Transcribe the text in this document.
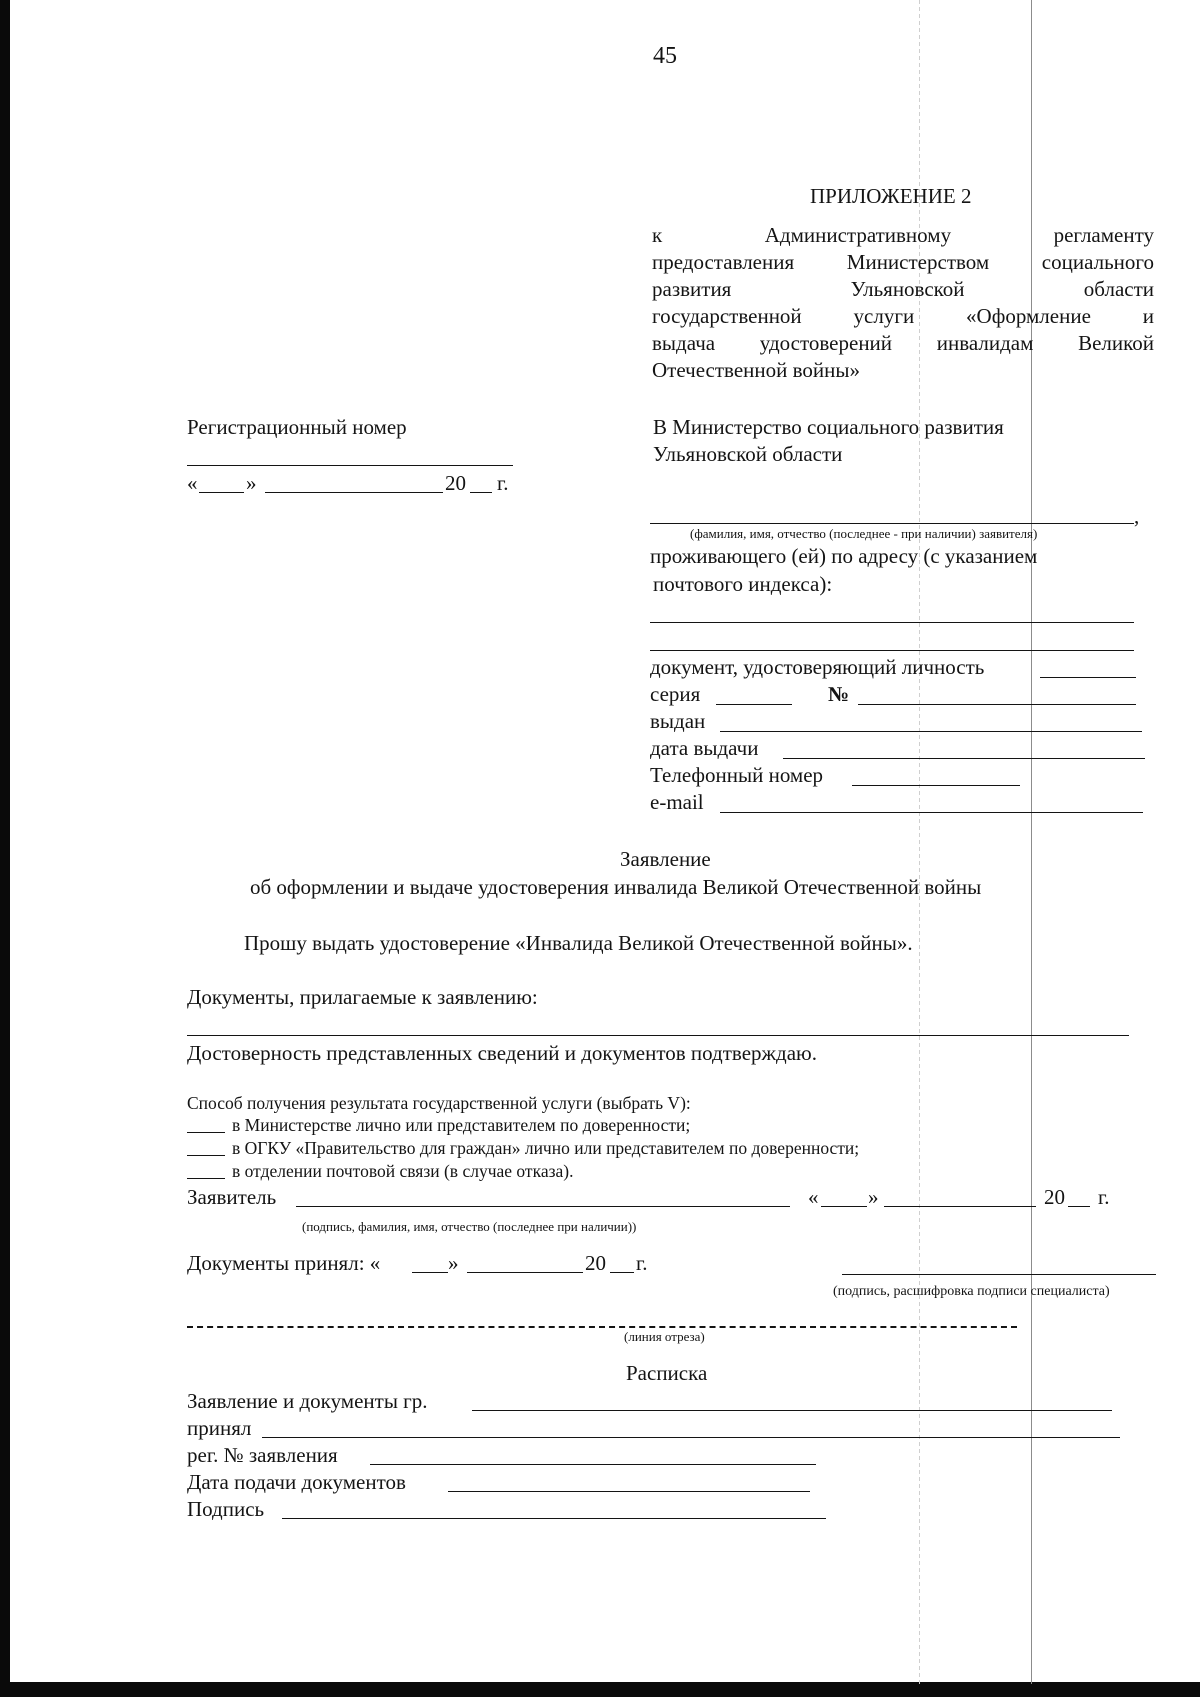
45
ПРИЛОЖЕНИЕ 2
к Административному регламенту
предоставления Министерством социального
развития Ульяновской области
государственной услуги «Оформление и
выдача удостоверений инвалидам Великой
Отечественной войны»
Регистрационный номер
« »	20 г.
В Министерство социального развития
Ульяновской области
,
(фамилия, имя, отчество (последнее - при наличии) заявителя)
проживающего (ей) по адресу (с указанием
почтового индекса):
документ, удостоверяющий личность
серия	№
выдан
дата выдачи
Телефонный номер
e-mail
Заявление
об оформлении и выдаче удостоверения инвалида Великой Отечественной войны
Прошу выдать удостоверение «Инвалида Великой Отечественной войны».
Документы, прилагаемые к заявлению:
Достоверность представленных сведений и документов подтверждаю.
Способ получения результата государственной услуги (выбрать V):
в Министерстве лично или представителем по доверенности;
в ОГКУ «Правительство для граждан» лично или представителем по доверенности;
в отделении почтовой связи (в случае отказа).
Заявитель	« »	20 г.
(подпись, фамилия, имя, отчество (последнее при наличии))
Документы принял: «	»	20 г.
(подпись, расшифровка подписи специалиста)
(линия отреза)
Расписка
Заявление и документы гр.
принял
рег. № заявления
Дата подачи документов
Подпись
